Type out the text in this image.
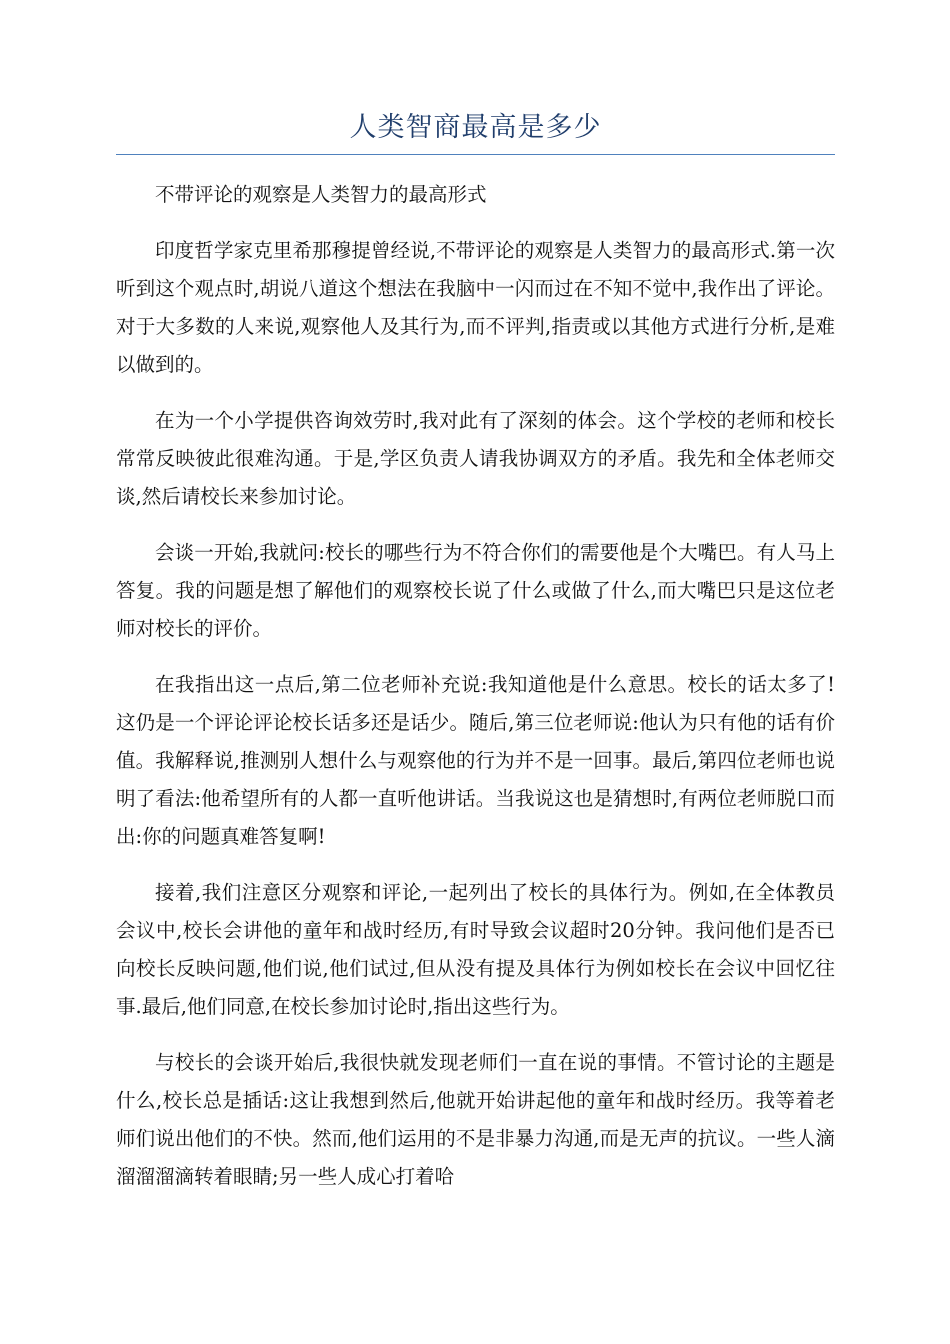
人类智商最高是多少

不带评论的观察是人类智力的最高形式

印度哲学家克里希那穆提曾经说,不带评论的观察是人类智力的最高形式.第一次听到这个观点时,胡说八道这个想法在我脑中一闪而过在不知不觉中,我作出了评论。对于大多数的人来说,观察他人及其行为,而不评判,指责或以其他方式进行分析,是难以做到的。

在为一个小学提供咨询效劳时,我对此有了深刻的体会。这个学校的老师和校长常常反映彼此很难沟通。于是,学区负责人请我协调双方的矛盾。我先和全体老师交谈,然后请校长来参加讨论。

会谈一开始,我就问:校长的哪些行为不符合你们的需要他是个大嘴巴。有人马上答复。我的问题是想了解他们的观察校长说了什么或做了什么,而大嘴巴只是这位老师对校长的评价。

在我指出这一点后,第二位老师补充说:我知道他是什么意思。校长的话太多了!这仍是一个评论评论校长话多还是话少。随后,第三位老师说:他认为只有他的话有价值。我解释说,推测别人想什么与观察他的行为并不是一回事。最后,第四位老师也说明了看法:他希望所有的人都一直听他讲话。当我说这也是猜想时,有两位老师脱口而出:你的问题真难答复啊!

接着,我们注意区分观察和评论,一起列出了校长的具体行为。例如,在全体教员会议中,校长会讲他的童年和战时经历,有时导致会议超时20分钟。我问他们是否已向校长反映问题,他们说,他们试过,但从没有提及具体行为例如校长在会议中回忆往事.最后,他们同意,在校长参加讨论时,指出这些行为。

与校长的会谈开始后,我很快就发现老师们一直在说的事情。不管讨论的主题是什么,校长总是插话:这让我想到然后,他就开始讲起他的童年和战时经历。我等着老师们说出他们的不快。然而,他们运用的不是非暴力沟通,而是无声的抗议。一些人滴溜溜溜滴转着眼睛;另一些人成心打着哈
